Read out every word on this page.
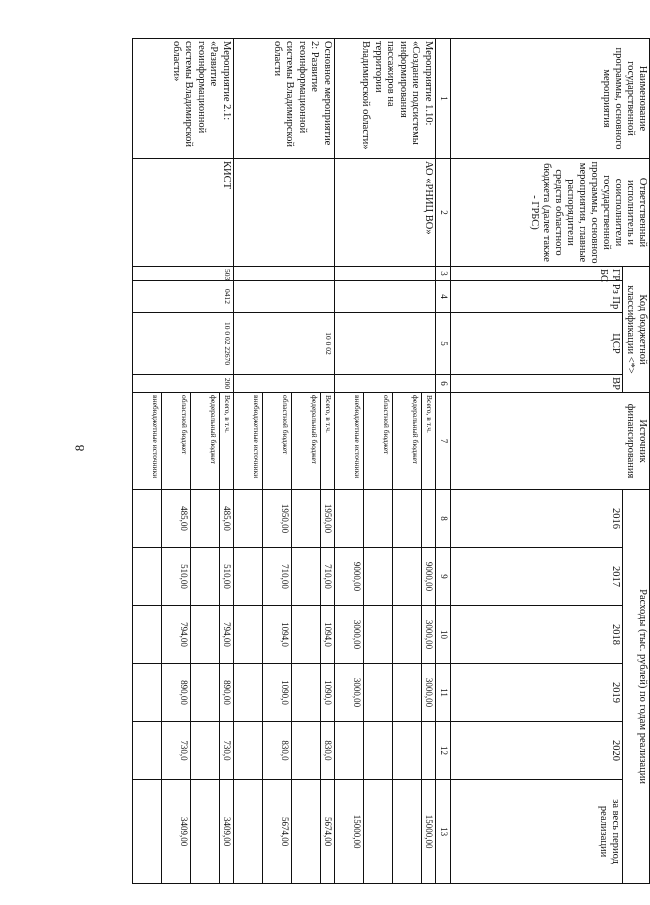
8
Наименование государственной программы, основного мероприятия	Ответственный исполнитель и соисполнители государственной программы, основного мероприятия, главные распорядители средств областного бюджета (далее также - ГРБС)	Код бюджетной классификации <*>				Источник финансирования	Расходы (тыс. рублей) по годам реализации					
		ГР БС	Рз Пр	ЦСР	ВР		2016	2017	2018	2019	2020	за весь период реализации

1	2	3	4	5	6	7	8	9	10	11	12	13
Мероприятие 1.10: «Создание подсистемы информирования пассажиров на территории Владимирской области»	АО «РНИЦ ВО»					Всего, в т.ч.		9000,00	3000,00	3000,00		15000,00
						федеральный бюджет						
						областной бюджет						
						внебюджетные источники		9000,00	3000,00	3000,00		15000,00
Основное мероприятие 2: Развитие геоинформационной системы Владимирской области				10 0 02		Всего, в т.ч.	1950,00	710,00	1094,0	1090,0	830,0	5674,00
						федеральный бюджет						
						областной бюджет	1950,00	710,00	1094,0	1090,0	830,0	5674,00
						внебюджетные источники						
Мероприятие 2.1: «Развитие геоинформационной системы Владимирской области»	КИСТ	503	0412	10 0 02 22670	200	Всего, в т.ч.	485,00	510,00	794,00	890,00	730,0	3409,00
						федеральный бюджет						
						областной бюджет	485,00	510,00	794,00	890,00	730,0	3409,00
						внебюджетные источники						
